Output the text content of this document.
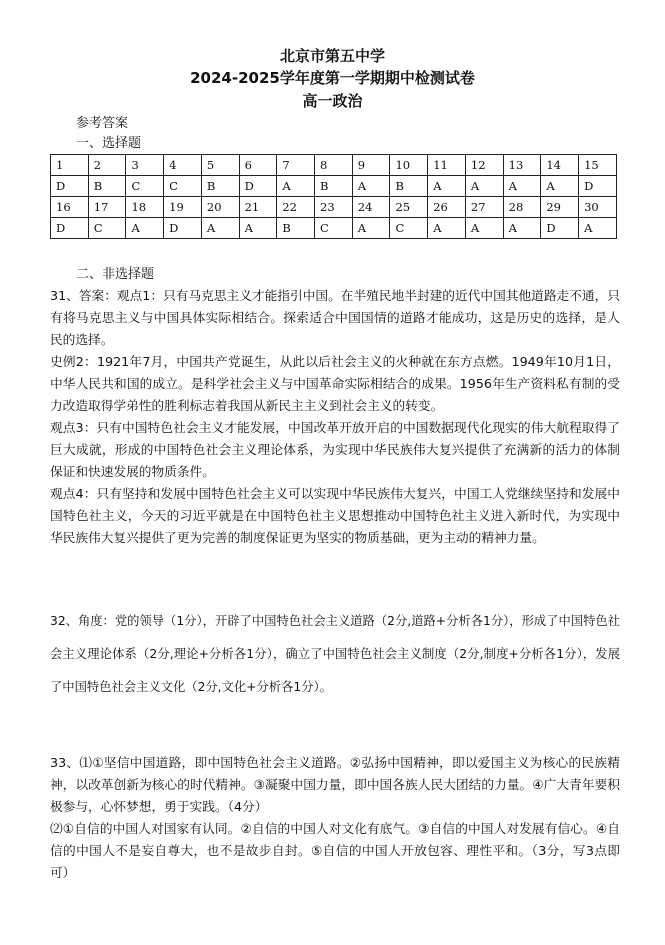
北京市第五中学
2024-2025学年度第一学期期中检测试卷
高一政治
参考答案
一、选择题
1	2	3	4	5	6	7	8	9	10	11	12	13	14	15
D	B	C	C	B	D	A	B	A	B	A	A	A	A	D
16	17	18	19	20	21	22	23	24	25	26	27	28	29	30
D	C	A	D	A	A	B	C	A	C	A	A	A	D	A
二、非选择题
31、答案：观点1：只有马克思主义才能指引中国。在半殖民地半封建的近代中国其他道路走不通，只有将马克思主义与中国具体实际相结合。探索适合中国国情的道路才能成功，这是历史的选择，是人民的选择。
史例2：1921年7月，中国共产党诞生，从此以后社会主义的火种就在东方点燃。1949年10月1日，中华人民共和国的成立。是科学社会主义与中国革命实际相结合的成果。1956年生产资料私有制的受力改造取得学弟性的胜利标志着我国从新民主主义到社会主义的转变。
观点3：只有中国特色社会主义才能发展，中国改革开放开启的中国数据现代化现实的伟大航程取得了巨大成就，形成的中国特色社会主义理论体系，为实现中华民族伟大复兴提供了充满新的活力的体制保证和快速发展的物质条件。
观点4：只有坚持和发展中国特色社会主义可以实现中华民族伟大复兴，中国工人党继续坚持和发展中国特色社主义，今天的习近平就是在中国特色社主义思想推动中国特色社主义进入新时代，为实现中华民族伟大复兴提供了更为完善的制度保证更为坚实的物质基础，更为主动的精神力量。
32、角度：党的领导（1分），开辟了中国特色社会主义道路（2分,道路+分析各1分），形成了中国特色社会主义理论体系（2分,理论+分析各1分），确立了中国特色社会主义制度（2分,制度+分析各1分），发展了中国特色社会主义文化（2分,文化+分析各1分）。
33、⑴①坚信中国道路，即中国特色社会主义道路。②弘扬中国精神，即以爱国主义为核心的民族精神，以改革创新为核心的时代精神。③凝聚中国力量，即中国各族人民大团结的力量。④广大青年要积极参与，心怀梦想，勇于实践。（4分）
⑵①自信的中国人对国家有认同。②自信的中国人对文化有底气。③自信的中国人对发展有信心。④自信的中国人不是妄自尊大，也不是故步自封。⑤自信的中国人开放包容、理性平和。（3分，写3点即可）
